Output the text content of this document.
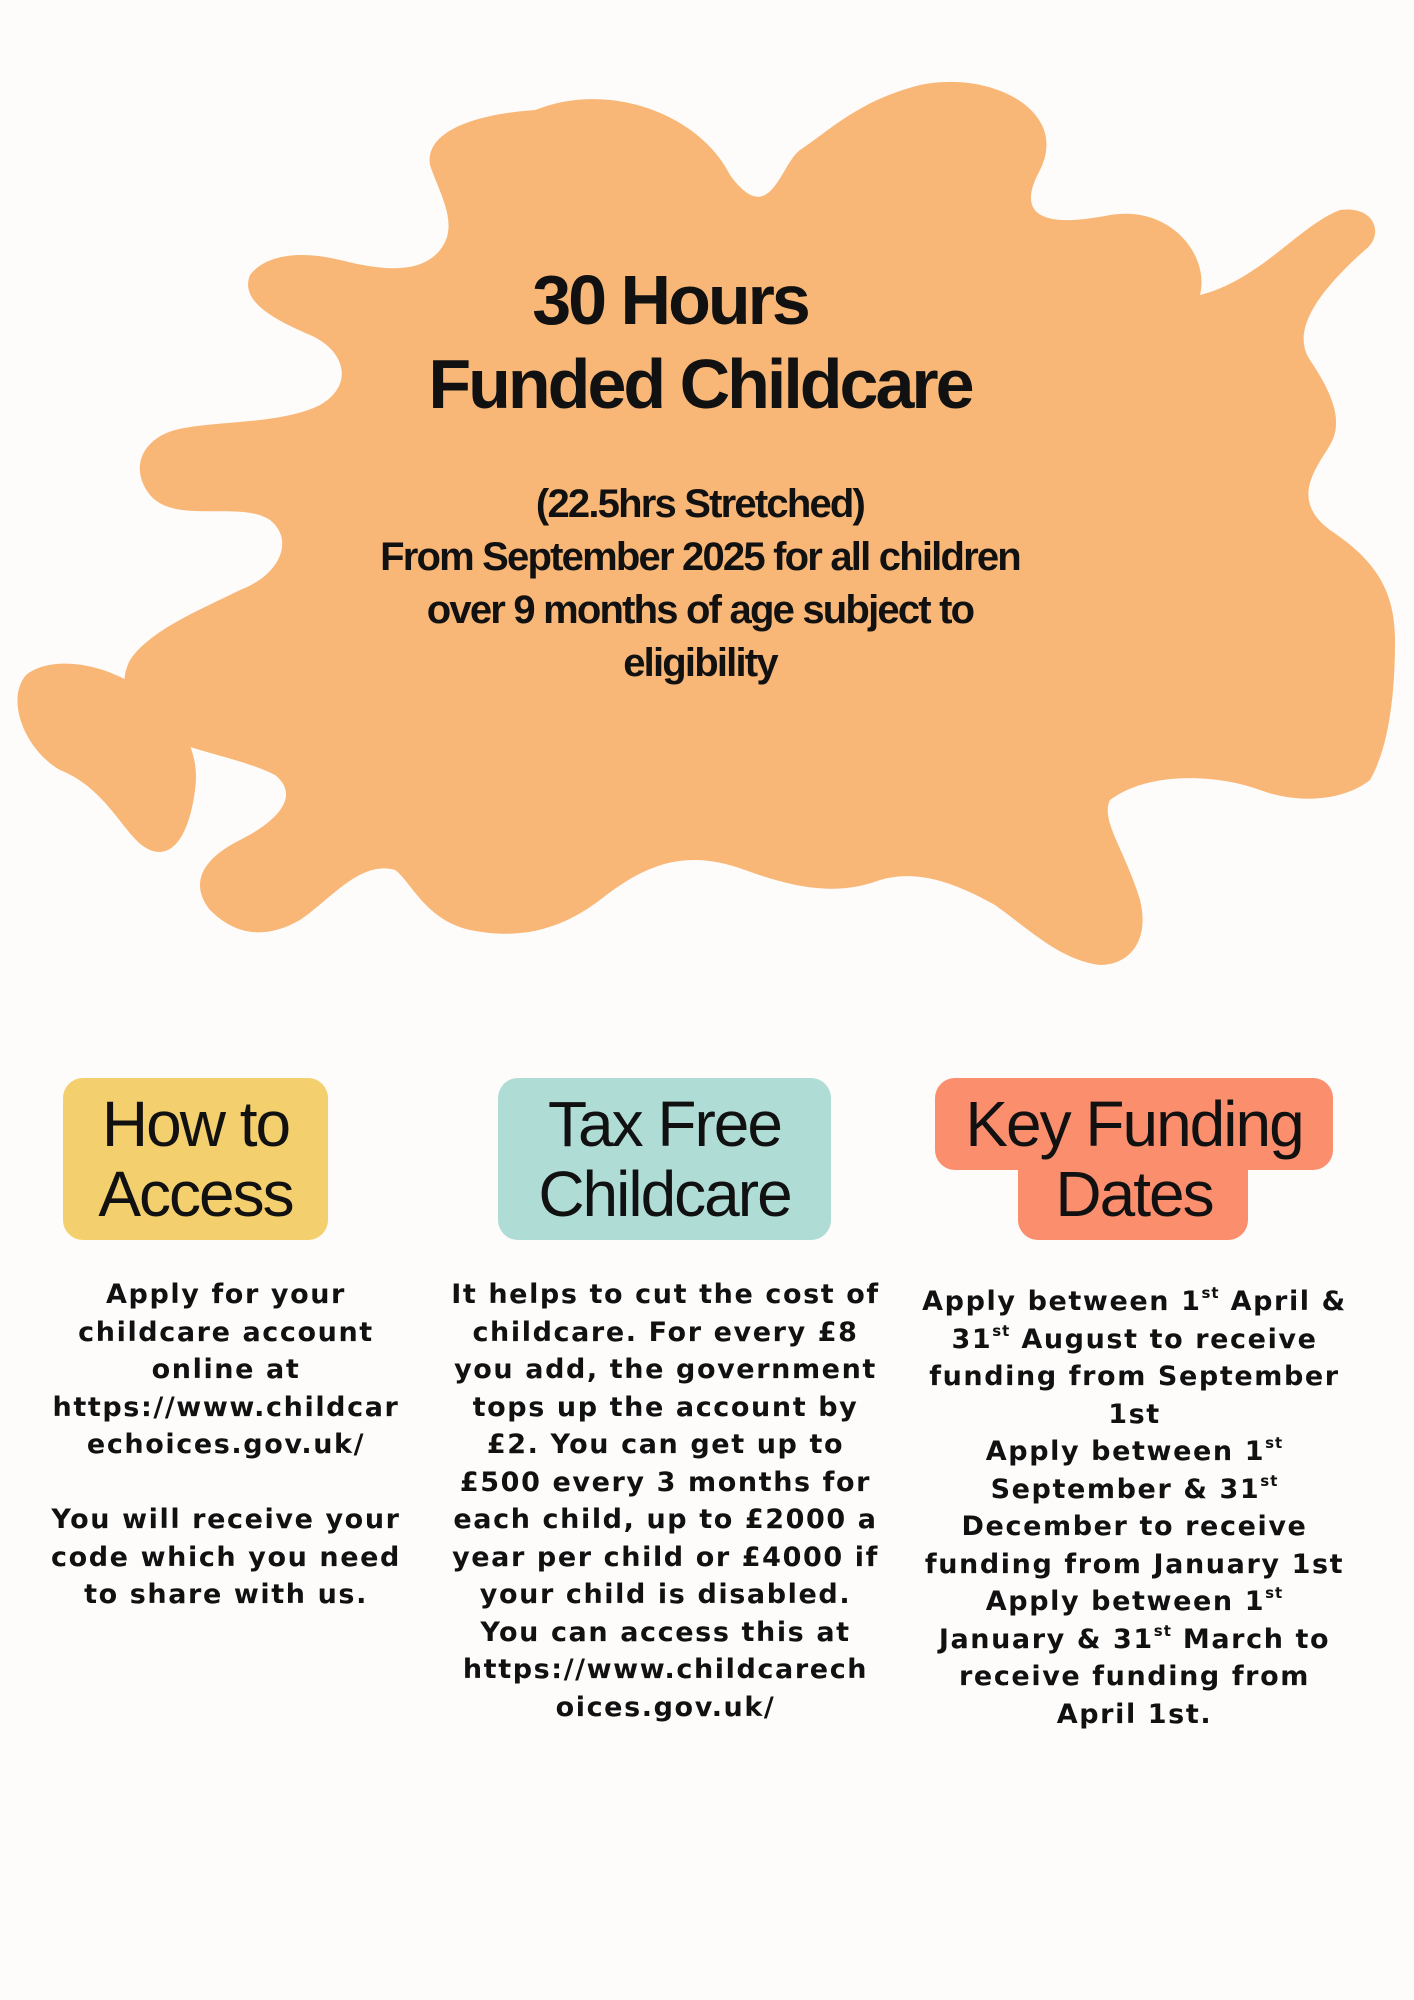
30 Hours
Funded Childcare
(22.5hrs Stretched)
From September 2025 for all children
over 9 months of age subject to
eligibility
How to
Access
Tax Free
Childcare
Key Funding
Dates

Apply for your

childcare account

online at

https://www.childcar

echoices.gov.uk/

You will receive your

code which you need

to share with us.

It helps to cut the cost of

childcare. For every £8

you add, the government

tops up the account by

£2. You can get up to

£500 every 3 months for

each child, up to £2000 a

year per child or £4000 if

your child is disabled.

You can access this at

https://www.childcarech

oices.gov.uk/

Apply between 1st April &

31st August to receive

funding from September

1st

Apply between 1st

September & 31st

December to receive

funding from January 1st

Apply between 1st

January & 31st March to

receive funding from

April 1st.
